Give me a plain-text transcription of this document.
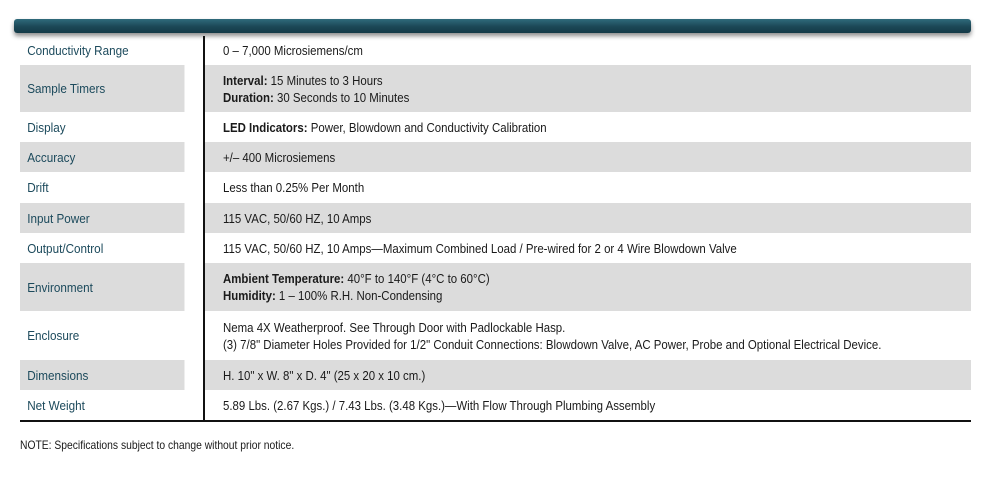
Conductivity Range	0 – 7,000 Microsiemens/cm

Sample Timers	Interval: 15 Minutes to 3 Hours
Duration: 30 Seconds to 10 Minutes

Display	LED Indicators: Power, Blowdown and Conductivity Calibration

Accuracy	+/– 400 Microsiemens

Drift	Less than 0.25% Per Month

Input Power	115 VAC, 50/60 HZ, 10 Amps

Output/Control	115 VAC, 50/60 HZ, 10 Amps—Maximum Combined Load / Pre-wired for 2 or 4 Wire Blowdown Valve

Environment	Ambient Temperature: 40°F to 140°F (4°C to 60°C)
Humidity: 1 – 100% R.H. Non-Condensing

Enclosure	Nema 4X Weatherproof. See Through Door with Padlockable Hasp.
(3) 7/8" Diameter Holes Provided for 1/2" Conduit Connections: Blowdown Valve, AC Power, Probe and Optional Electrical Device.

Dimensions	H. 10" x W. 8" x D. 4" (25 x 20 x 10 cm.)

Net Weight	5.89 Lbs. (2.67 Kgs.) / 7.43 Lbs. (3.48 Kgs.)—With Flow Through Plumbing Assembly
NOTE: Specifications subject to change without prior notice.
